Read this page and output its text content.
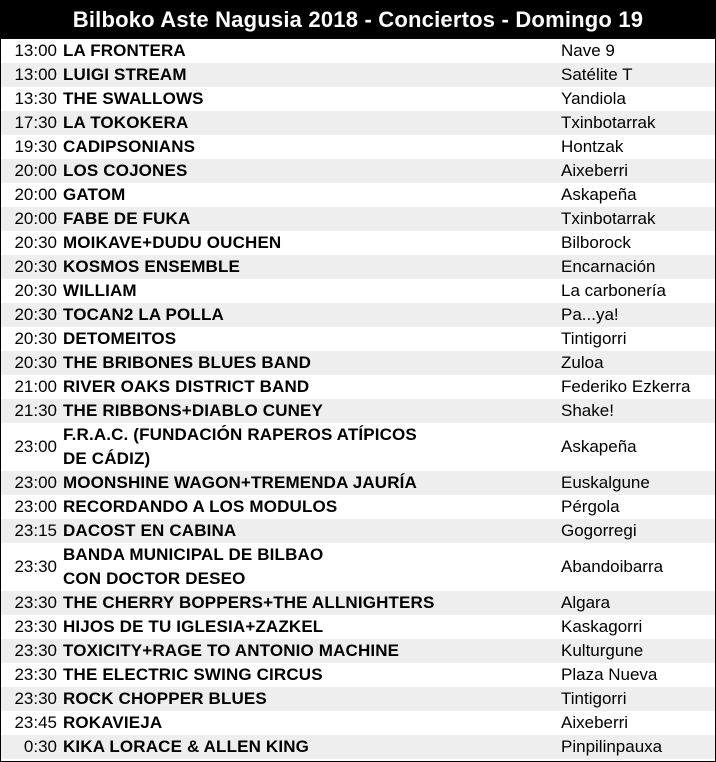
Bilboko Aste Nagusia 2018 - Conciertos - Domingo 19
13:00	LA FRONTERA	Nave 9
13:00	LUIGI STREAM	Satélite T
13:30	THE SWALLOWS	Yandiola
17:30	LA TOKOKERA	Txinbotarrak
19:30	CADIPSONIANS	Hontzak
20:00	LOS COJONES	Aixeberri
20:00	GATOM	Askapeña
20:00	FABE DE FUKA	Txinbotarrak
20:30	MOIKAVE+DUDU OUCHEN	Bilborock
20:30	KOSMOS ENSEMBLE	Encarnación
20:30	WILLIAM	La carbonería
20:30	TOCAN2 LA POLLA	Pa...ya!
20:30	DETOMEITOS	Tintigorri
20:30	THE BRIBONES BLUES BAND	Zuloa
21:00	RIVER OAKS DISTRICT BAND	Federiko Ezkerra
21:30	THE RIBBONS+DIABLO CUNEY	Shake!
23:00	F.R.A.C. (FUNDACIÓN RAPEROS ATÍPICOS
DE CÁDIZ)	Askapeña
23:00	MOONSHINE WAGON+TREMENDA JAURÍA	Euskalgune
23:00	RECORDANDO A LOS MODULOS	Pérgola
23:15	DACOST EN CABINA	Gogorregi
23:30	BANDA MUNICIPAL DE BILBAO
CON DOCTOR DESEO	Abandoibarra
23:30	THE CHERRY BOPPERS+THE ALLNIGHTERS	Algara
23:30	HIJOS DE TU IGLESIA+ZAZKEL	Kaskagorri
23:30	TOXICITY+RAGE TO ANTONIO MACHINE	Kulturgune
23:30	THE ELECTRIC SWING CIRCUS	Plaza Nueva
23:30	ROCK CHOPPER BLUES	Tintigorri
23:45	ROKAVIEJA	Aixeberri
0:30	KIKA LORACE & ALLEN KING	Pinpilinpauxa
